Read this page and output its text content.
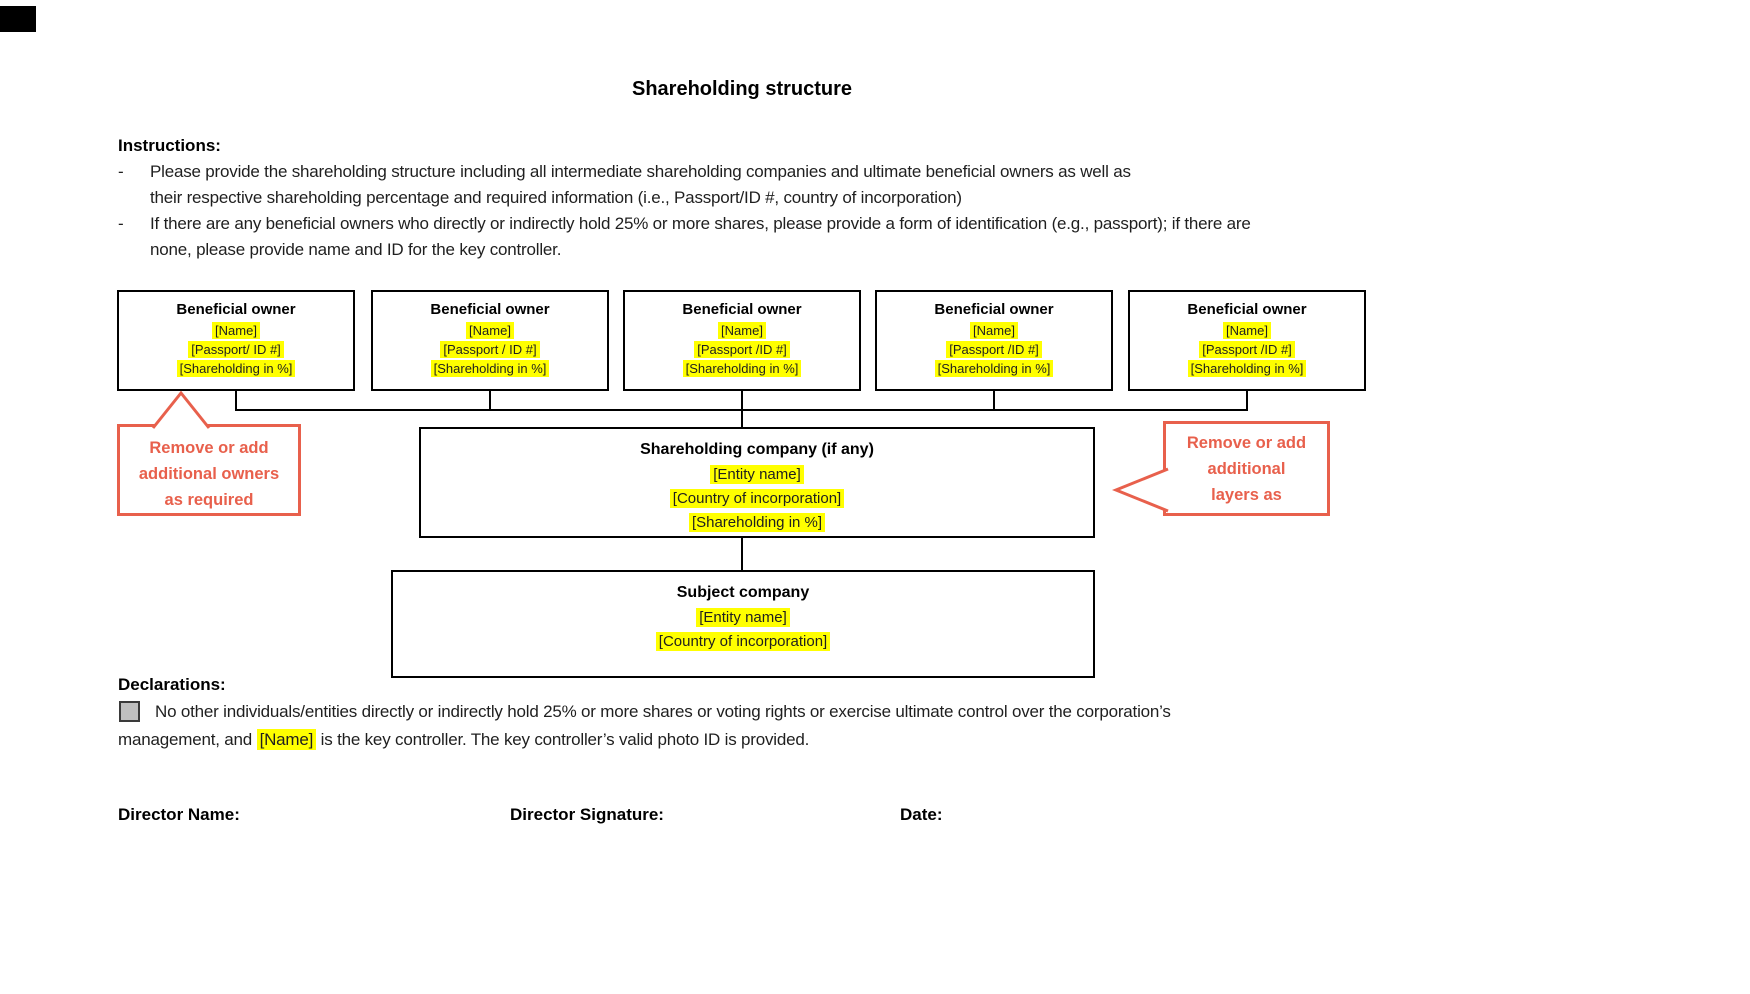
Shareholding structure
Instructions:
-	Please provide the shareholding structure including all intermediate shareholding companies and ultimate beneficial owners as well as
their respective shareholding percentage and required information (i.e., Passport/ID #, country of incorporation)
-	If there are any beneficial owners who directly or indirectly hold 25% or more shares, please provide a form of identification (e.g., passport); if there are
none, please provide name and ID for the key controller.
Beneficial owner
[Name]
[Passport/ ID #]
[Shareholding in %]
Beneficial owner
[Name]
[Passport / ID #]
[Shareholding in %]
Beneficial owner
[Name]
[Passport /ID #]
[Shareholding in %]
Beneficial owner
[Name]
[Passport /ID #]
[Shareholding in %]
Beneficial owner
[Name]
[Passport /ID #]
[Shareholding in %]
Remove or add
additional owners
as required
Remove or add
additional
layers as
Shareholding company (if any)
[Entity name]
[Country of incorporation]
[Shareholding in %]
Subject company
[Entity name]
[Country of incorporation]
Declarations:
No other individuals/entities directly or indirectly hold 25% or more shares or voting rights or exercise ultimate control over the corporation’s
management, and [Name] is the key controller. The key controller’s valid photo ID is provided.
Director Name:	Director Signature:	Date:
